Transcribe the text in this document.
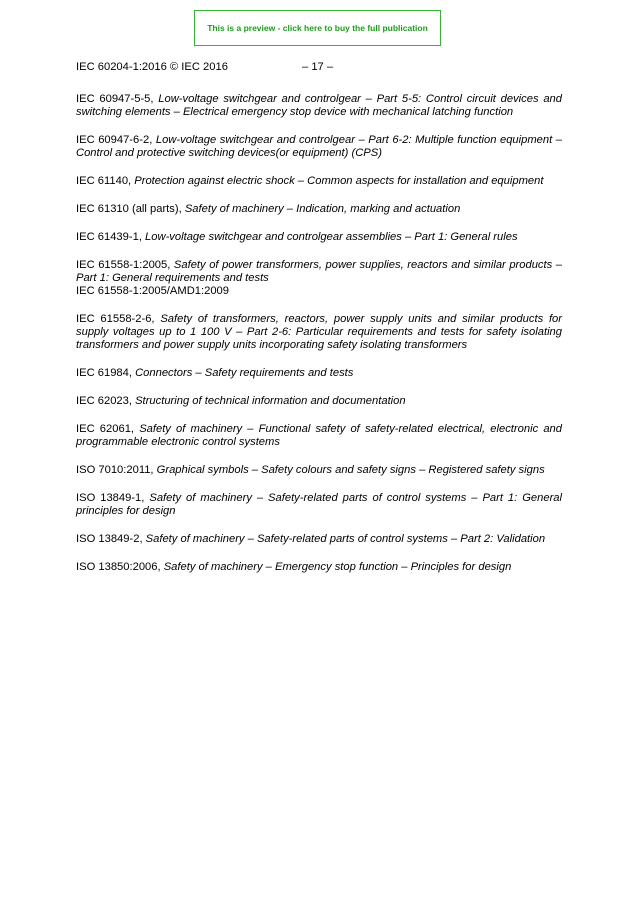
This is a preview - click here to buy the full publication
IEC 60204-1:2016 © IEC 2016	– 17 –

IEC 60947-5-5, Low-voltage switchgear and controlgear – Part 5-5: Control circuit devices and switching elements – Electrical emergency stop device with mechanical latching function

IEC 60947-6-2, Low-voltage switchgear and controlgear – Part 6-2: Multiple function equipment – Control and protective switching devices(or equipment) (CPS)

IEC 61140, Protection against electric shock – Common aspects for installation and equipment

IEC 61310 (all parts), Safety of machinery – Indication, marking and actuation

IEC 61439-1, Low-voltage switchgear and controlgear assemblies – Part 1: General rules

IEC 61558-1:2005, Safety of power transformers, power supplies, reactors and similar products – Part 1: General requirements and tests
IEC 61558-1:2005/AMD1:2009

IEC 61558-2-6, Safety of transformers, reactors, power supply units and similar products for supply voltages up to 1 100 V – Part 2-6: Particular requirements and tests for safety isolating transformers and power supply units incorporating safety isolating transformers

IEC 61984, Connectors – Safety requirements and tests

IEC 62023, Structuring of technical information and documentation

IEC 62061, Safety of machinery – Functional safety of safety-related electrical, electronic and programmable electronic control systems

ISO 7010:2011, Graphical symbols – Safety colours and safety signs – Registered safety signs

ISO 13849-1, Safety of machinery – Safety-related parts of control systems – Part 1: General principles for design

ISO 13849-2, Safety of machinery – Safety-related parts of control systems – Part 2: Validation

ISO 13850:2006, Safety of machinery – Emergency stop function – Principles for design
